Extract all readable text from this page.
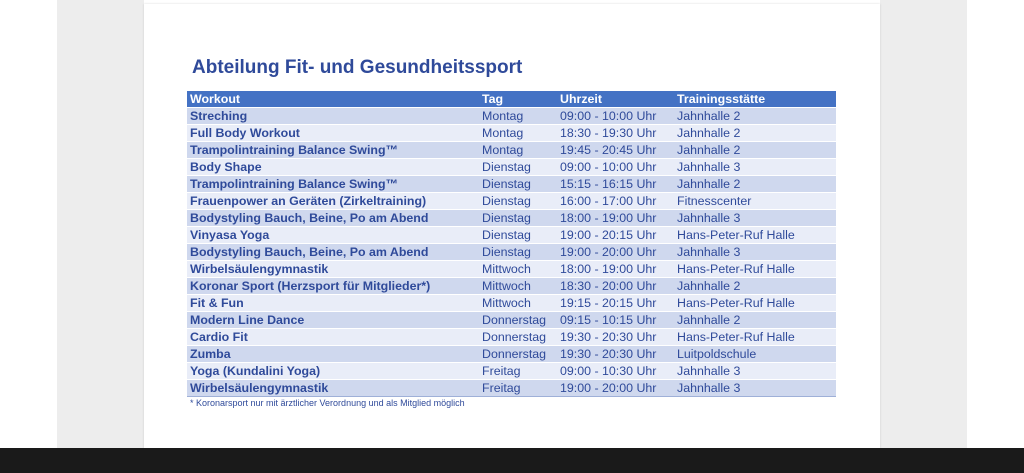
Abteilung Fit- und Gesundheitssport
Workout	Tag	Uhrzeit	Trainingsstätte
Streching	Montag	09:00 - 10:00 Uhr	Jahnhalle 2
Full Body Workout	Montag	18:30 - 19:30 Uhr	Jahnhalle 2
Trampolintraining Balance Swing™	Montag	19:45 - 20:45 Uhr	Jahnhalle 2
Body Shape	Dienstag	09:00 - 10:00 Uhr	Jahnhalle 3
Trampolintraining Balance Swing™	Dienstag	15:15 - 16:15 Uhr	Jahnhalle 2
Frauenpower an Geräten (Zirkeltraining)	Dienstag	16:00 - 17:00 Uhr	Fitnesscenter
Bodystyling Bauch, Beine, Po am Abend	Dienstag	18:00 - 19:00 Uhr	Jahnhalle 3
Vinyasa Yoga	Dienstag	19:00 - 20:15 Uhr	Hans-Peter-Ruf Halle
Bodystyling Bauch, Beine, Po am Abend	Dienstag	19:00 - 20:00 Uhr	Jahnhalle 3
Wirbelsäulengymnastik	Mittwoch	18:00 - 19:00 Uhr	Hans-Peter-Ruf Halle
Koronar Sport (Herzsport für Mitglieder*)	Mittwoch	18:30 - 20:00 Uhr	Jahnhalle 2
Fit & Fun	Mittwoch	19:15 - 20:15 Uhr	Hans-Peter-Ruf Halle
Modern Line Dance	Donnerstag	09:15 - 10:15 Uhr	Jahnhalle 2
Cardio Fit	Donnerstag	19:30 - 20:30 Uhr	Hans-Peter-Ruf Halle
Zumba	Donnerstag	19:30 - 20:30 Uhr	Luitpoldschule
Yoga (Kundalini Yoga)	Freitag	09:00 - 10:30 Uhr	Jahnhalle 3
Wirbelsäulengymnastik	Freitag	19:00 - 20:00 Uhr	Jahnhalle 3

* Koronarsport nur mit ärztlicher Verordnung und als Mitglied möglich
